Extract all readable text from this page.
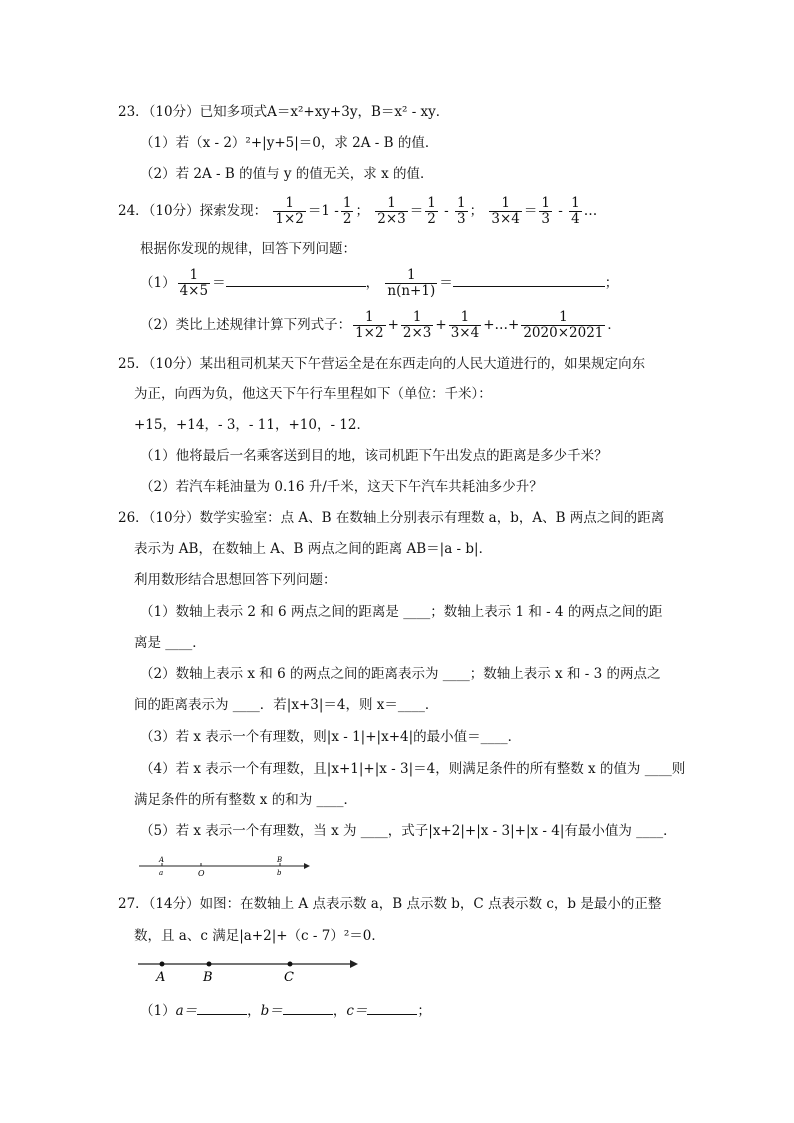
23．（10分）已知多项式A＝x²+xy+3y，B＝x² - xy．
（1）若（x - 2）²+|y+5|＝0，求 2A - B 的值．
（2）若 2A - B 的值与 y 的值无关，求 x 的值．
24．（10分）探索发现： $\frac{1}{1\times 2} =1 - \frac{1}{2}$ ； $\frac{1}{2\times 3} = \frac{1}{2} - \frac{1}{3}$ ； $\frac{1}{3\times 4} = \frac{1}{3} - \frac{1}{4}$ …
根据你发现的规律，回答下列问题：
$(1) \frac{1}{4\times 5}$ ＝	， $\frac{1}{n(n+1)}$ ＝	；
（2）类比上述规律计算下列式子： $\frac{1}{1\times 2} + \frac{1}{2\times 3} + \frac{1}{3\times 4}$ +…+ $\frac{1}{2020\times 2021}$ ．
25．（10分）某出租司机某天下午营运全是在东西走向的人民大道进行的，如果规定向东
为正，向西为负，他这天下午行车里程如下（单位：千米）：
+15，+14，- 3，- 11，+10，- 12．
（1）他将最后一名乘客送到目的地，该司机距下午出发点的距离是多少千米？
（2）若汽车耗油量为 0.16 升/千米，这天下午汽车共耗油多少升？
26．（10分）数学实验室：点 A、B 在数轴上分别表示有理数 a，b，A、B 两点之间的距离
表示为 AB，在数轴上 A、B 两点之间的距离 AB＝|a - b|．
利用数形结合思想回答下列问题：
（1）数轴上表示 2 和 6 两点之间的距离是 ____；数轴上表示 1 和 - 4 的两点之间的距
离是 ____．
（2）数轴上表示 x 和 6 的两点之间的距离表示为 ____；数轴上表示 x 和 - 3 的两点之
间的距离表示为 ____．若|x+3|＝4，则 x＝____．
（3）若 x 表示一个有理数，则|x - 1|+|x+4|的最小值＝____．
（4）若 x 表示一个有理数，且|x+1|+|x - 3|＝4，则满足条件的所有整数 x 的值为 ____则
满足条件的所有整数 x 的和为 ____．
（5）若 x 表示一个有理数，当 x 为 ____，式子|x+2|+|x - 3|+|x - 4|有最小值为 ____．
A
a	O
B
b
27．（14分）如图：在数轴上 A 点表示数 a，B 点示数 b，C 点表示数 c，b 是最小的正整
数，且 a、c 满足|a+2|+（c - 7）²＝0．
A	B	C
（1）a＝	，b＝	，c＝	；
